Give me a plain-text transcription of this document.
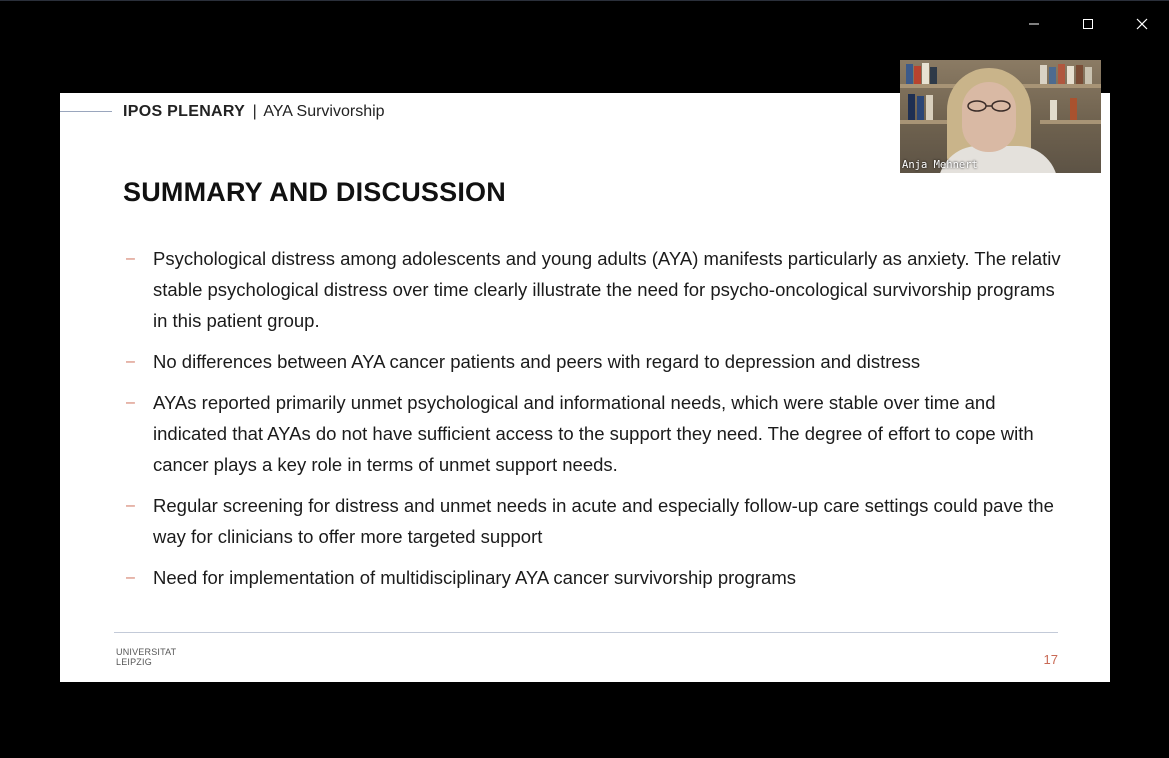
IPOS PLENARY | AYA Survivorship
SUMMARY AND DISCUSSION
– Psychological distress among adolescents and young adults (AYA) manifests particularly as anxiety. The relativ stable psychological distress over time clearly illustrate the need for psycho-oncological survivorship programs in this patient group.
– No differences between AYA cancer patients and peers with regard to depression and distress
– AYAs reported primarily unmet psychological and informational needs, which were stable over time and indicated that AYAs do not have sufficient access to the support they need. The degree of effort to cope with cancer plays a key role in terms of unmet support needs.
– Regular screening for distress and unmet needs in acute and especially follow-up care settings could pave the way for clinicians to offer more targeted support
– Need for implementation of multidisciplinary AYA cancer survivorship programs
UNIVERSITAT
LEIPZIG	17
Anja Mehnert
